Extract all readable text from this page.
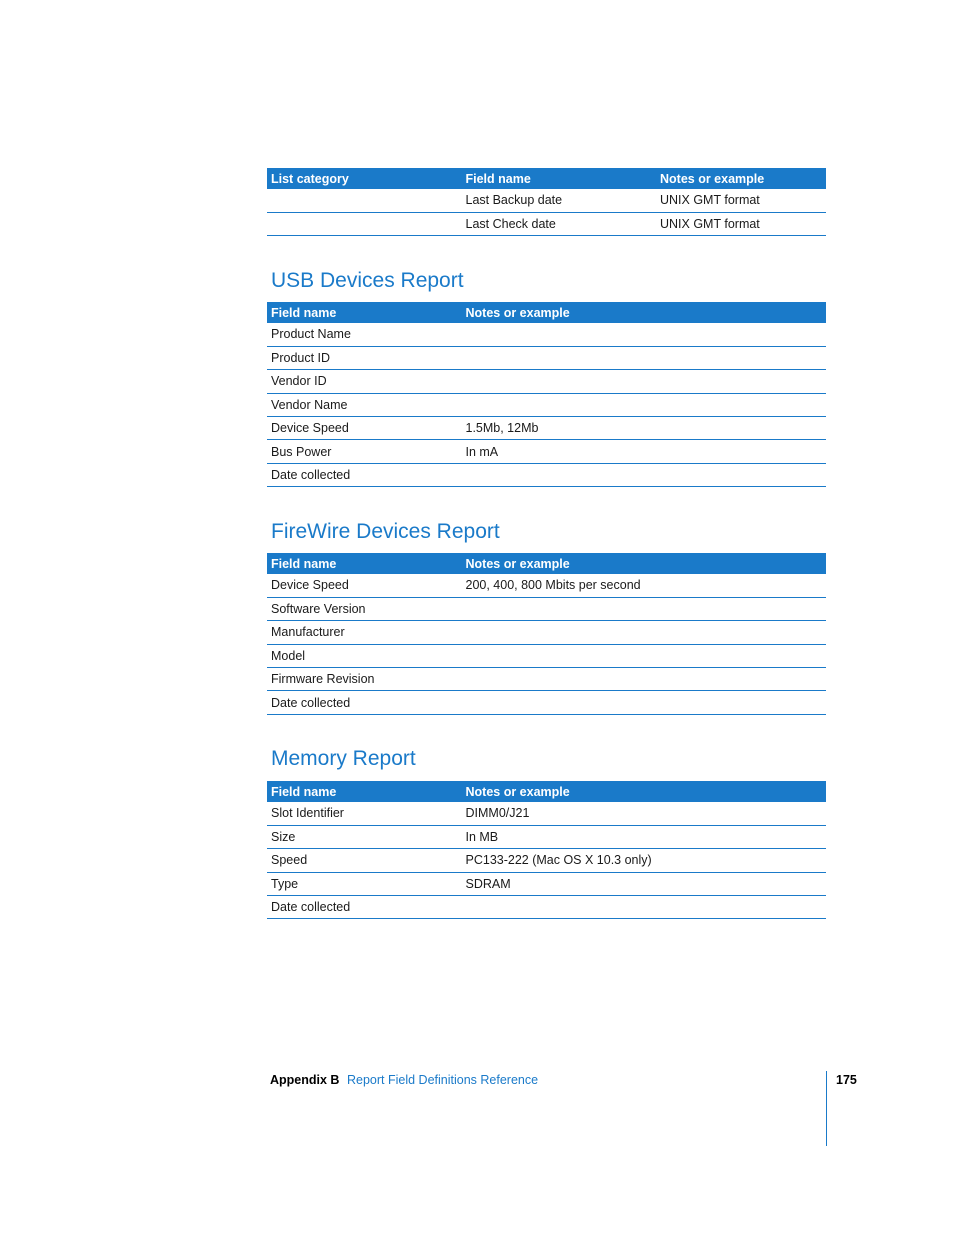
List category	Field name	Notes or example
	Last Backup date	UNIX GMT format
	Last Check date	UNIX GMT format
USB Devices Report
Field name	Notes or example
Product Name	
Product ID	
Vendor ID	
Vendor Name	
Device Speed	1.5Mb, 12Mb
Bus Power	In mA
Date collected	
FireWire Devices Report
Field name	Notes or example
Device Speed	200, 400, 800 Mbits per second
Software Version	
Manufacturer	
Model	
Firmware Revision	
Date collected	
Memory Report
Field name	Notes or example
Slot Identifier	DIMM0/J21
Size	In MB
Speed	PC133-222 (Mac OS X 10.3 only)
Type	SDRAM
Date collected	
Appendix B Report Field Definitions Reference	175
